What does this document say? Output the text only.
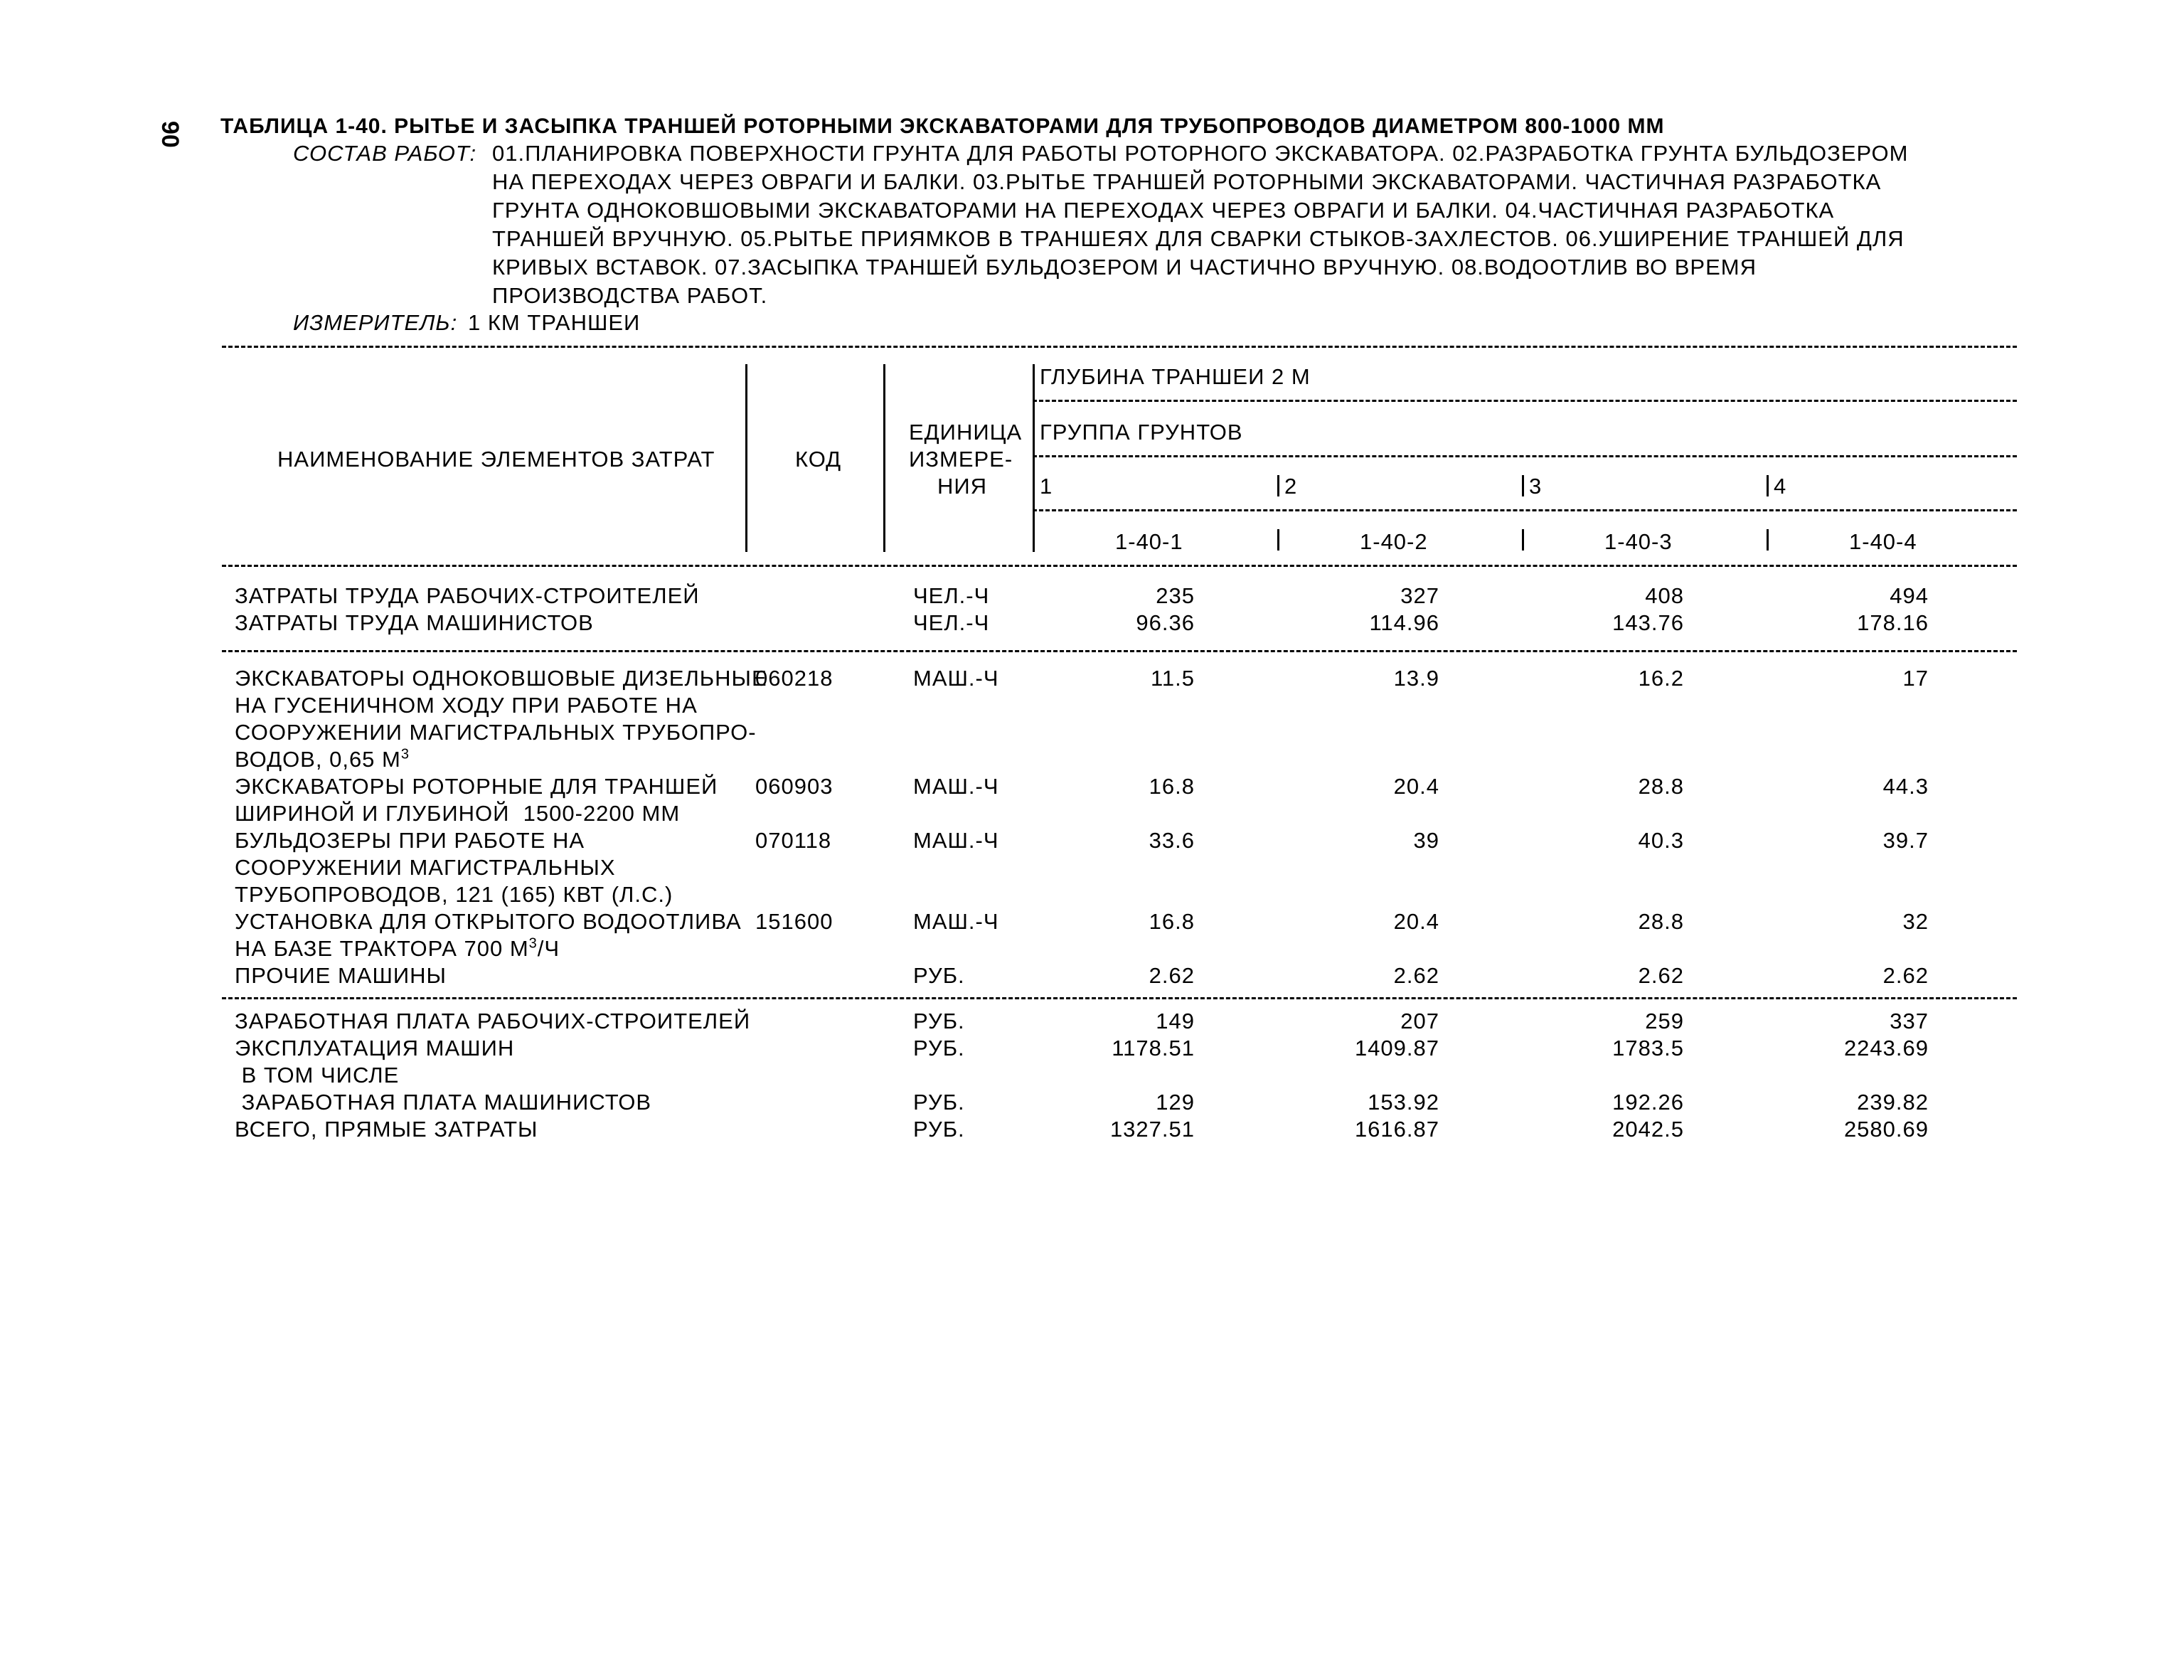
90 ТАБЛИЦА 1-40. РЫТЬЕ И ЗАСЫПКА ТРАНШЕЙ РОТОРНЫМИ ЭКСКАВАТОРАМИ ДЛЯ ТРУБОПРОВОДОВ ДИАМЕТРОМ 800-1000 ММ
СОСТАВ РАБОТ: 01.ПЛАНИРОВКА ПОВЕРХНОСТИ ГРУНТА ДЛЯ РАБОТЫ РОТОРНОГО ЭКСКАВАТОРА. 02.РАЗРАБОТКА ГРУНТА БУЛЬДОЗЕРОМ
НА ПЕРЕХОДАХ ЧЕРЕЗ ОВРАГИ И БАЛКИ. 03.РЫТЬЕ ТРАНШЕЙ РОТОРНЫМИ ЭКСКАВАТОРАМИ. ЧАСТИЧНАЯ РАЗРАБОТКА
ГРУНТА ОДНОКОВШОВЫМИ ЭКСКАВАТОРАМИ НА ПЕРЕХОДАХ ЧЕРЕЗ ОВРАГИ И БАЛКИ. 04.ЧАСТИЧНАЯ РАЗРАБОТКА
ТРАНШЕЙ ВРУЧНУЮ. 05.РЫТЬЕ ПРИЯМКОВ В ТРАНШЕЯХ ДЛЯ СВАРКИ СТЫКОВ-ЗАХЛЕСТОВ. 06.УШИРЕНИЕ ТРАНШЕЙ ДЛЯ
КРИВЫХ ВСТАВОК. 07.ЗАСЫПКА ТРАНШЕЙ БУЛЬДОЗЕРОМ И ЧАСТИЧНО ВРУЧНУЮ. 08.ВОДООТЛИВ ВО ВРЕМЯ
ПРОИЗВОДСТВА РАБОТ.
ИЗМЕРИТЕЛЬ: 1 КМ ТРАНШЕИ
НАИМЕНОВАНИЕ ЭЛЕМЕНТОВ ЗАТРАТ	КОД
ЕДИНИЦА
ИЗМЕРЕ-
НИЯ
ГЛУБИНА ТРАНШЕИ 2 М
ГРУППА ГРУНТОВ
1	2	3	4
1-40-1	1-40-2	1-40-3	1-40-4
ЗАТРАТЫ ТРУДА РАБОЧИХ-СТРОИТЕЛЕЙ	ЧЕЛ.-Ч	235	327	408	494
ЗАТРАТЫ ТРУДА МАШИНИСТОВ	ЧЕЛ.-Ч	96.36	114.96	143.76	178.16
ЭКСКАВАТОРЫ ОДНОКОВШОВЫЕ ДИЗЕЛЬНЫЕ
НА ГУСЕНИЧНОМ ХОДУ ПРИ РАБОТЕ НА
СООРУЖЕНИИ МАГИСТРАЛЬНЫХ ТРУБОПРО-
ВОДОВ, 0,65 $М^3$
060218	МАШ.-Ч	11.5	13.9	16.2	17
ЭКСКАВАТОРЫ РОТОРНЫЕ ДЛЯ ТРАНШЕЙ
ШИРИНОЙ И ГЛУБИНОЙ  1500-2200 ММ
060903	МАШ.-Ч	16.8	20.4	28.8	44.3
БУЛЬДОЗЕРЫ ПРИ РАБОТЕ НА
СООРУЖЕНИИ МАГИСТРАЛЬНЫХ
ТРУБОПРОВОДОВ, 121 (165) КВТ (Л.С.)
070118	МАШ.-Ч	33.6	39	40.3	39.7
УСТАНОВКА ДЛЯ ОТКРЫТОГО ВОДООТЛИВА
НА БАЗЕ ТРАКТОРА 700 $М^3/Ч$
151600	МАШ.-Ч	16.8	20.4	28.8	32
ПРОЧИЕ МАШИНЫ	РУБ.	2.62	2.62	2.62	2.62
ЗАРАБОТНАЯ ПЛАТА РАБОЧИХ-СТРОИТЕЛЕЙ	РУБ.	149	207	259	337
ЭКСПЛУАТАЦИЯ МАШИН	РУБ.	1178.51	1409.87	1783.5	2243.69
В ТОМ ЧИСЛЕ
ЗАРАБОТНАЯ ПЛАТА МАШИНИСТОВ	РУБ.	129	153.92	192.26	239.82
ВСЕГО, ПРЯМЫЕ ЗАТРАТЫ	РУБ.	1327.51	1616.87	2042.5	2580.69
